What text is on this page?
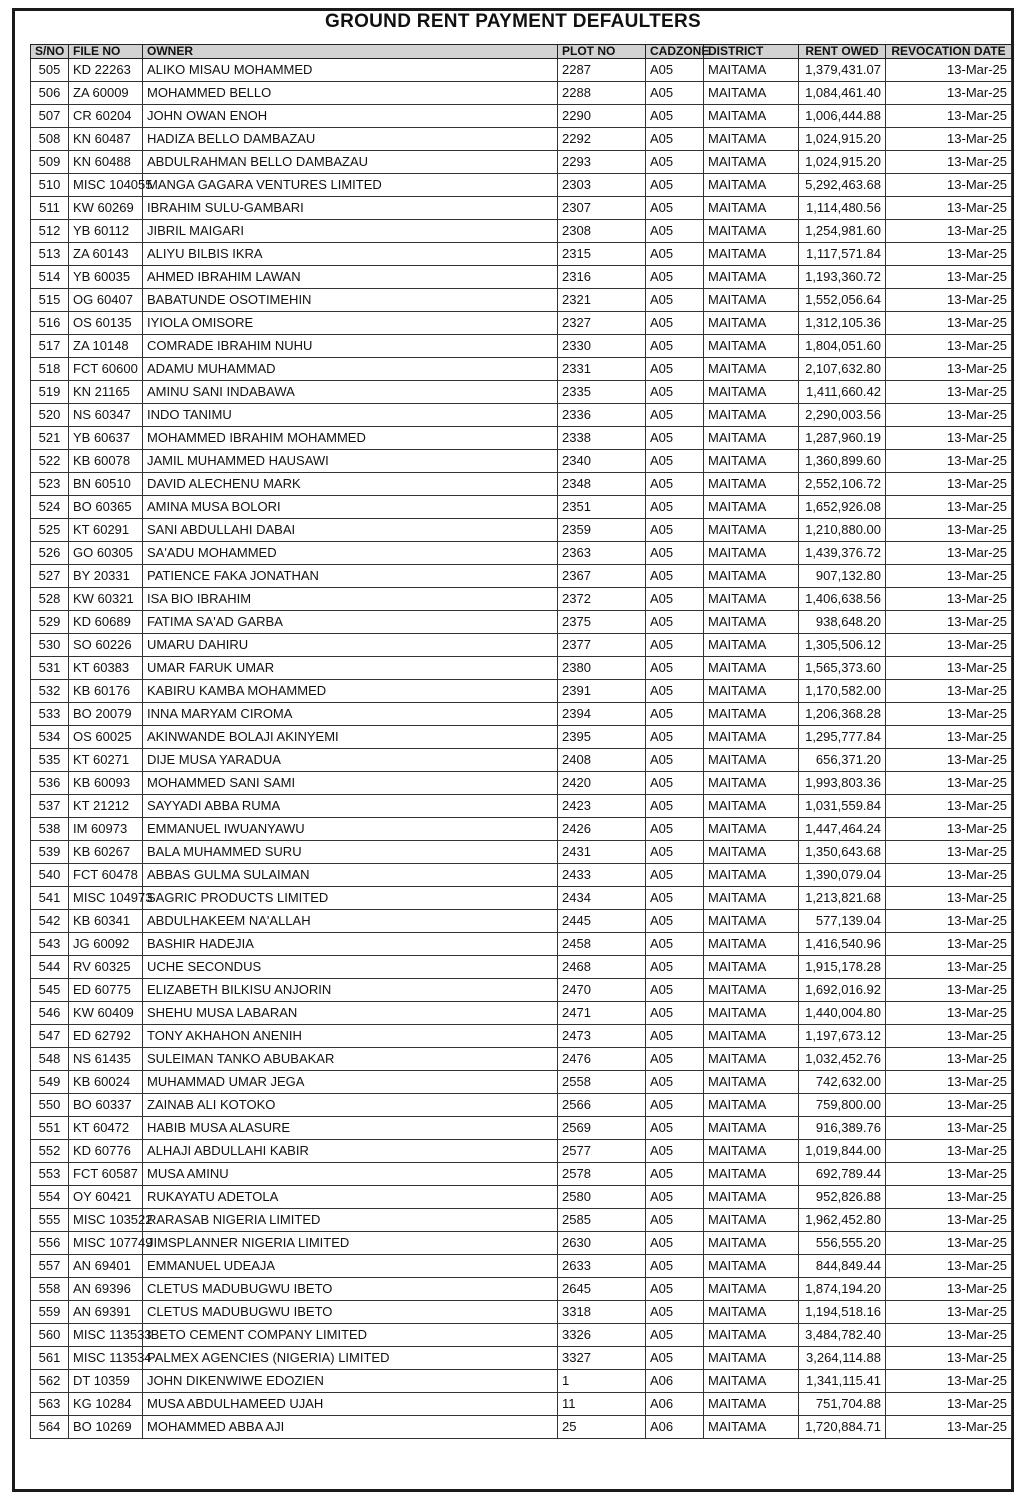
GROUND RENT PAYMENT DEFAULTERS
S/NO	FILE NO	OWNER	PLOT NO	CADZONE	DISTRICT	RENT OWED	REVOCATION DATE
505	KD 22263	ALIKO MISAU MOHAMMED	2287	A05	MAITAMA	1,379,431.07	13-Mar-25
506	ZA 60009	MOHAMMED BELLO	2288	A05	MAITAMA	1,084,461.40	13-Mar-25
507	CR 60204	JOHN OWAN ENOH	2290	A05	MAITAMA	1,006,444.88	13-Mar-25
508	KN 60487	HADIZA BELLO DAMBAZAU	2292	A05	MAITAMA	1,024,915.20	13-Mar-25
509	KN 60488	ABDULRAHMAN BELLO DAMBAZAU	2293	A05	MAITAMA	1,024,915.20	13-Mar-25
510	MISC 104055	MANGA GAGARA VENTURES LIMITED	2303	A05	MAITAMA	5,292,463.68	13-Mar-25
511	KW 60269	IBRAHIM SULU-GAMBARI	2307	A05	MAITAMA	1,114,480.56	13-Mar-25
512	YB 60112	JIBRIL MAIGARI	2308	A05	MAITAMA	1,254,981.60	13-Mar-25
513	ZA 60143	ALIYU BILBIS IKRA	2315	A05	MAITAMA	1,117,571.84	13-Mar-25
514	YB 60035	AHMED IBRAHIM LAWAN	2316	A05	MAITAMA	1,193,360.72	13-Mar-25
515	OG 60407	BABATUNDE OSOTIMEHIN	2321	A05	MAITAMA	1,552,056.64	13-Mar-25
516	OS 60135	IYIOLA OMISORE	2327	A05	MAITAMA	1,312,105.36	13-Mar-25
517	ZA 10148	COMRADE IBRAHIM NUHU	2330	A05	MAITAMA	1,804,051.60	13-Mar-25
518	FCT 60600	ADAMU MUHAMMAD	2331	A05	MAITAMA	2,107,632.80	13-Mar-25
519	KN 21165	AMINU SANI INDABAWA	2335	A05	MAITAMA	1,411,660.42	13-Mar-25
520	NS 60347	INDO TANIMU	2336	A05	MAITAMA	2,290,003.56	13-Mar-25
521	YB 60637	MOHAMMED IBRAHIM MOHAMMED	2338	A05	MAITAMA	1,287,960.19	13-Mar-25
522	KB 60078	JAMIL MUHAMMED HAUSAWI	2340	A05	MAITAMA	1,360,899.60	13-Mar-25
523	BN 60510	DAVID ALECHENU MARK	2348	A05	MAITAMA	2,552,106.72	13-Mar-25
524	BO 60365	AMINA MUSA BOLORI	2351	A05	MAITAMA	1,652,926.08	13-Mar-25
525	KT 60291	SANI ABDULLAHI DABAI	2359	A05	MAITAMA	1,210,880.00	13-Mar-25
526	GO 60305	SA'ADU MOHAMMED	2363	A05	MAITAMA	1,439,376.72	13-Mar-25
527	BY 20331	PATIENCE FAKA JONATHAN	2367	A05	MAITAMA	907,132.80	13-Mar-25
528	KW 60321	ISA BIO IBRAHIM	2372	A05	MAITAMA	1,406,638.56	13-Mar-25
529	KD 60689	FATIMA SA'AD GARBA	2375	A05	MAITAMA	938,648.20	13-Mar-25
530	SO 60226	UMARU DAHIRU	2377	A05	MAITAMA	1,305,506.12	13-Mar-25
531	KT 60383	UMAR FARUK UMAR	2380	A05	MAITAMA	1,565,373.60	13-Mar-25
532	KB 60176	KABIRU KAMBA MOHAMMED	2391	A05	MAITAMA	1,170,582.00	13-Mar-25
533	BO 20079	INNA MARYAM CIROMA	2394	A05	MAITAMA	1,206,368.28	13-Mar-25
534	OS 60025	AKINWANDE BOLAJI AKINYEMI	2395	A05	MAITAMA	1,295,777.84	13-Mar-25
535	KT 60271	DIJE MUSA YARADUA	2408	A05	MAITAMA	656,371.20	13-Mar-25
536	KB 60093	MOHAMMED SANI SAMI	2420	A05	MAITAMA	1,993,803.36	13-Mar-25
537	KT 21212	SAYYADI ABBA RUMA	2423	A05	MAITAMA	1,031,559.84	13-Mar-25
538	IM 60973	EMMANUEL IWUANYAWU	2426	A05	MAITAMA	1,447,464.24	13-Mar-25
539	KB 60267	BALA MUHAMMED SURU	2431	A05	MAITAMA	1,350,643.68	13-Mar-25
540	FCT 60478	ABBAS GULMA SULAIMAN	2433	A05	MAITAMA	1,390,079.04	13-Mar-25
541	MISC 104973	SAGRIC PRODUCTS LIMITED	2434	A05	MAITAMA	1,213,821.68	13-Mar-25
542	KB 60341	ABDULHAKEEM NA'ALLAH	2445	A05	MAITAMA	577,139.04	13-Mar-25
543	JG 60092	BASHIR HADEJIA	2458	A05	MAITAMA	1,416,540.96	13-Mar-25
544	RV 60325	UCHE SECONDUS	2468	A05	MAITAMA	1,915,178.28	13-Mar-25
545	ED 60775	ELIZABETH BILKISU ANJORIN	2470	A05	MAITAMA	1,692,016.92	13-Mar-25
546	KW 60409	SHEHU MUSA LABARAN	2471	A05	MAITAMA	1,440,004.80	13-Mar-25
547	ED 62792	TONY AKHAHON ANENIH	2473	A05	MAITAMA	1,197,673.12	13-Mar-25
548	NS 61435	SULEIMAN TANKO ABUBAKAR	2476	A05	MAITAMA	1,032,452.76	13-Mar-25
549	KB 60024	MUHAMMAD UMAR JEGA	2558	A05	MAITAMA	742,632.00	13-Mar-25
550	BO 60337	ZAINAB ALI KOTOKO	2566	A05	MAITAMA	759,800.00	13-Mar-25
551	KT 60472	HABIB MUSA ALASURE	2569	A05	MAITAMA	916,389.76	13-Mar-25
552	KD 60776	ALHAJI ABDULLAHI KABIR	2577	A05	MAITAMA	1,019,844.00	13-Mar-25
553	FCT 60587	MUSA AMINU	2578	A05	MAITAMA	692,789.44	13-Mar-25
554	OY 60421	RUKAYATU ADETOLA	2580	A05	MAITAMA	952,826.88	13-Mar-25
555	MISC 103522	RARASAB NIGERIA LIMITED	2585	A05	MAITAMA	1,962,452.80	13-Mar-25
556	MISC 107749	JIMSPLANNER NIGERIA LIMITED	2630	A05	MAITAMA	556,555.20	13-Mar-25
557	AN 69401	EMMANUEL UDEAJA	2633	A05	MAITAMA	844,849.44	13-Mar-25
558	AN 69396	CLETUS MADUBUGWU IBETO	2645	A05	MAITAMA	1,874,194.20	13-Mar-25
559	AN 69391	CLETUS MADUBUGWU IBETO	3318	A05	MAITAMA	1,194,518.16	13-Mar-25
560	MISC 113533	IBETO CEMENT COMPANY LIMITED	3326	A05	MAITAMA	3,484,782.40	13-Mar-25
561	MISC 113534	PALMEX AGENCIES (NIGERIA) LIMITED	3327	A05	MAITAMA	3,264,114.88	13-Mar-25
562	DT 10359	JOHN DIKENWIWE EDOZIEN	1	A06	MAITAMA	1,341,115.41	13-Mar-25
563	KG 10284	MUSA ABDULHAMEED UJAH	11	A06	MAITAMA	751,704.88	13-Mar-25
564	BO 10269	MOHAMMED ABBA AJI	25	A06	MAITAMA	1,720,884.71	13-Mar-25
